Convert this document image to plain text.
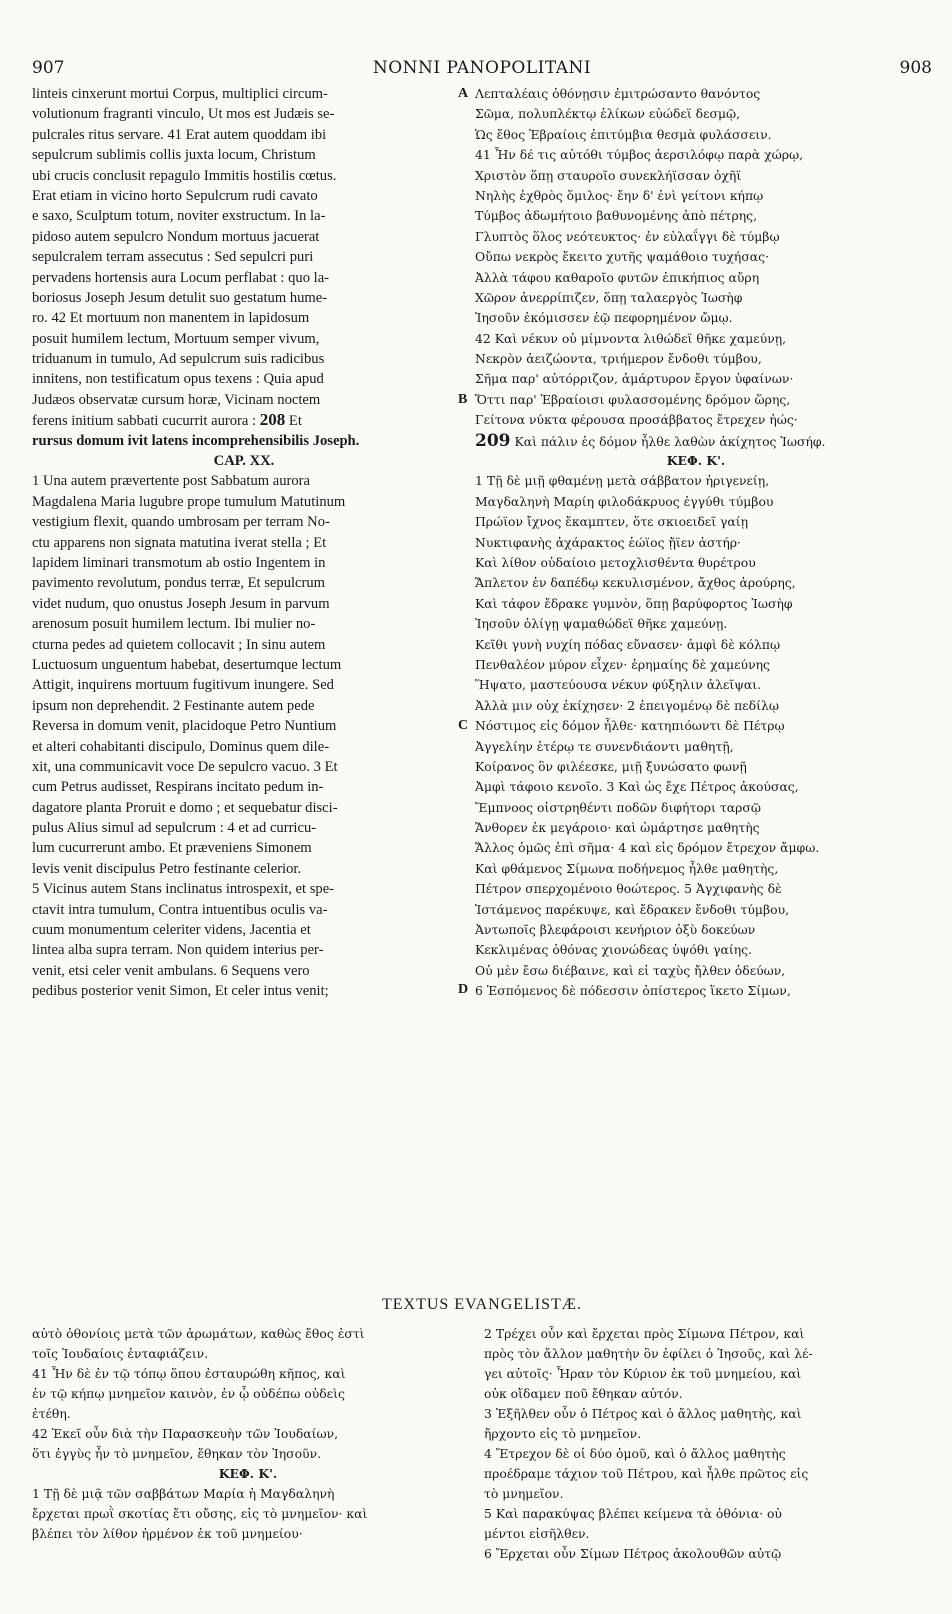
907	NONNI PANOPOLITANI	908
linteis cinxerunt mortui Corpus, multiplici circum-
volutionum fragranti vinculo, Ut mos est Judæis se-
pulcrales ritus servare. 41 Erat autem quoddam ibi
sepulcrum sublimis collis juxta locum, Christum
ubi crucis conclusit repagulo Immitis hostilis cœtus.
Erat etiam in vicino horto Sepulcrum rudi cavato
e saxo, Sculptum totum, noviter exstructum. In la-
pidoso autem sepulcro Nondum mortuus jacuerat
sepulcralem terram assecutus : Sed sepulcri puri
pervadens hortensis aura Locum perflabat : quo la-
boriosus Joseph Jesum detulit suo gestatum hume-
ro. 42 Et mortuum non manentem in lapidosum
posuit humilem lectum, Mortuum semper vivum,
triduanum in tumulo, Ad sepulcrum suis radicibus
innitens, non testificatum opus texens : Quia apud
Judæos observatæ cursum horæ, Vicinam noctem
ferens initium sabbati cucurrit aurora : 208 Et
rursus domum ivit latens incomprehensibilis Joseph.
CAP. XX.
1 Una autem prævertente post Sabbatum aurora
Magdalena Maria lugubre prope tumulum Matutinum
vestigium flexit, quando umbrosam per terram No-
ctu apparens non signata matutina iverat stella ; Et
lapidem liminari transmotum ab ostio Ingentem in
pavimento revolutum, pondus terræ, Et sepulcrum
videt nudum, quo onustus Joseph Jesum in parvum
arenosum posuit humilem lectum. Ibi mulier no-
cturna pedes ad quietem collocavit ; In sinu autem
Luctuosum unguentum habebat, desertumque lectum
Attigit, inquirens mortuum fugitivum inungere. Sed
ipsum non deprehendit. 2 Festinante autem pede
Reversa in domum venit, placidoque Petro Nuntium
et alteri cohabitanti discipulo, Dominus quem dile-
xit, una communicavit voce De sepulcro vacuo. 3 Et
cum Petrus audisset, Respirans incitato pedum in-
dagatore planta Proruit e domo ; et sequebatur disci-
pulus Alius simul ad sepulcrum : 4 et ad curricu-
lum cucurrerunt ambo. Et præveniens Simonem
levis venit discipulus Petro festinante celerior.
5 Vicinus autem Stans inclinatus introspexit, et spe-
ctavit intra tumulum, Contra intuentibus oculis va-
cuum monumentum celeriter videns, Jacentia et
lintea alba supra terram. Non quidem interius per-
venit, etsi celer venit ambulans. 6 Sequens vero
pedibus posterior venit Simon, Et celer intus venit;
Λεπταλέαις ὀθόνῃσιν ἐμιτρώσαντο θανόντος
Σῶμα, πολυπλέκτῳ ἑλίκων εὐώδεϊ δεσμῷ,
Ὡς ἔθος Ἑβραίοις ἐπιτύμβια θεσμὰ φυλάσσειν.
41 Ἦν δέ τις αὐτόθι τύμβος ἀερσιλόφῳ παρὰ χώρῳ,
Χριστὸν ὅπῃ σταυροῖο συνεκλήϊσσαν ὀχῆϊ
Νηλὴς ἐχθρὸς ὅμιλος· ἔην δ' ἐνὶ γείτονι κήπῳ
Τύμβος ἀδωμήτοιο βαθυνομένης ἀπὸ πέτρης,
Γλυπτὸς ὅλος νεότευκτος· ἐν εὐλαΐγγι δὲ τύμβῳ
Οὔπω νεκρὸς ἔκειτο χυτῆς ψαμάθοιο τυχήσας·
Ἀλλὰ τάφου καθαροῖο φυτῶν ἐπικήπιος αὔρη
Χῶρον ἀνερρίπιζεν, ὅπῃ ταλαεργὸς Ἰωσὴφ
Ἰησοῦν ἐκόμισσεν ἑῷ πεφορημένον ὤμῳ.
42 Καὶ νέκυν οὐ μίμνοντα λιθώδεϊ θῆκε χαμεύνῃ,
Νεκρὸν ἀειζώοντα, τριήμερον ἔνδοθι τύμβου,
Σῆμα παρ' αὐτόρριζον, ἀμάρτυρον ἔργον ὑφαίνων·
Ὅττι παρ' Ἑβραίοισι φυλασσομένης δρόμον ὥρης,
Γείτονα νύκτα φέρουσα προσάββατος ἔτρεχεν ἠώς·
209 Καὶ πάλιν ἐς δόμον ἦλθε λαθὼν ἀκίχητος Ἰωσήφ.
ΚΕΦ. Κ'.
1 Τῇ δὲ μιῇ φθαμένῃ μετὰ σάββατον ἠριγενείῃ,
Μαγδαληνὴ Μαρίη φιλοδάκρυος ἐγγύθι τύμβου
Πρώϊον ἴχνος ἔκαμπτεν, ὅτε σκιοειδεῖ γαίῃ
Νυκτιφανὴς ἀχάρακτος ἑώϊος ᾔϊεν ἀστήρ·
Καὶ λίθον οὐδαίοιο μετοχλισθέντα θυρέτρου
Ἄπλετον ἐν δαπέδῳ κεκυλισμένον, ἄχθος ἀρούρης,
Καὶ τάφον ἔδρακε γυμνὸν, ὅπῃ βαρύφορτος Ἰωσὴφ
Ἰησοῦν ὀλίγῃ ψαμαθώδεϊ θῆκε χαμεύνῃ.
Κεῖθι γυνὴ νυχίη πόδας εὔνασεν· ἀμφὶ δὲ κόλπῳ
Πενθαλέον μύρον εἶχεν· ἐρημαίης δὲ χαμεύνης
Ἥψατο, μαστεύουσα νέκυν φύξηλιν ἀλεῖψαι.
Ἀλλὰ μιν οὐχ ἐκίχησεν· 2 ἐπειγομένῳ δὲ πεδίλῳ
Νόστιμος εἰς δόμον ἦλθε· κατηπιόωντι δὲ Πέτρῳ
Ἀγγελίην ἑτέρῳ τε συνενδιάοντι μαθητῇ,
Κοίρανος ὃν φιλέεσκε, μιῇ ξυνώσατο φωνῇ
Ἀμφὶ τάφοιο κενοῖο. 3 Καὶ ὡς ἔχε Πέτρος ἀκούσας,
Ἔμπνοος οἰστρηθέντι ποδῶν διφήτορι ταρσῷ
Ἄνθορεν ἐκ μεγάροιο· καὶ ὡμάρτησε μαθητὴς
Ἄλλος ὁμῶς ἐπὶ σῆμα· 4 καὶ εἰς δρόμον ἔτρεχον ἄμφω.
Καὶ φθάμενος Σίμωνα ποδήνεμος ἦλθε μαθητὴς,
Πέτρον σπερχομένοιο θοώτερος. 5 Ἀγχιφανὴς δὲ
Ἱστάμενος παρέκυψε, καὶ ἔδρακεν ἔνδοθι τύμβου,
Ἀντωποῖς βλεφάροισι κενήριον ὀξὺ δοκεύων
Κεκλιμένας ὀθόνας χιονώδεας ὑψόθι γαίης.
Οὐ μὲν ἔσω διέβαινε, καὶ εἰ ταχὺς ἤλθεν ὁδεύων,
6 Ἑσπόμενος δὲ πόδεσσιν ὀπίστερος ἵκετο Σίμων,
A
B
C
D
TEXTUS EVANGELISTÆ.
αὐτὸ ὀθονίοις μετὰ τῶν ἀρωμάτων, καθὼς ἔθος ἐστὶ
τοῖς Ἰουδαίοις ἐνταφιάζειν.
41 Ἦν δὲ ἐν τῷ τόπῳ ὅπου ἐσταυρώθη κῆπος, καὶ
ἐν τῷ κήπῳ μνημεῖον καινὸν, ἐν ᾧ οὐδέπω οὐδεὶς
ἐτέθη.
42 Ἐκεῖ οὖν διὰ τὴν Παρασκευὴν τῶν Ἰουδαίων,
ὅτι ἐγγὺς ἦν τὸ μνημεῖον, ἔθηκαν τὸν Ἰησοῦν.
ΚΕΦ. Κ'.
1 Τῇ δὲ μιᾷ τῶν σαββάτων Μαρία ἡ Μαγδαληνὴ
ἔρχεται πρωῒ σκοτίας ἔτι οὔσης, εἰς τὸ μνημεῖον· καὶ
βλέπει τὸν λίθον ἠρμένον ἐκ τοῦ μνημείου·
2 Τρέχει οὖν καὶ ἔρχεται πρὸς Σίμωνα Πέτρον, καὶ
πρὸς τὸν ἄλλον μαθητὴν ὃν ἐφίλει ὁ Ἰησοῦς, καὶ λέ-
γει αὐτοῖς· Ἦραν τὸν Κύριον ἐκ τοῦ μνημείου, καὶ
οὐκ οἴδαμεν ποῦ ἔθηκαν αὐτόν.
3 Ἐξῆλθεν οὖν ὁ Πέτρος καὶ ὁ ἄλλος μαθητὴς, καὶ
ἤρχοντο εἰς τὸ μνημεῖον.
4 Ἔτρεχον δὲ οἱ δύο ὁμοῦ, καὶ ὁ ἄλλος μαθητὴς
προέδραμε τάχιον τοῦ Πέτρου, καὶ ἦλθε πρῶτος εἰς
τὸ μνημεῖον.
5 Καὶ παρακύψας βλέπει κείμενα τὰ ὀθόνια· οὐ
μέντοι εἰσῆλθεν.
6 Ἔρχεται οὖν Σίμων Πέτρος ἀκολουθῶν αὐτῷ
